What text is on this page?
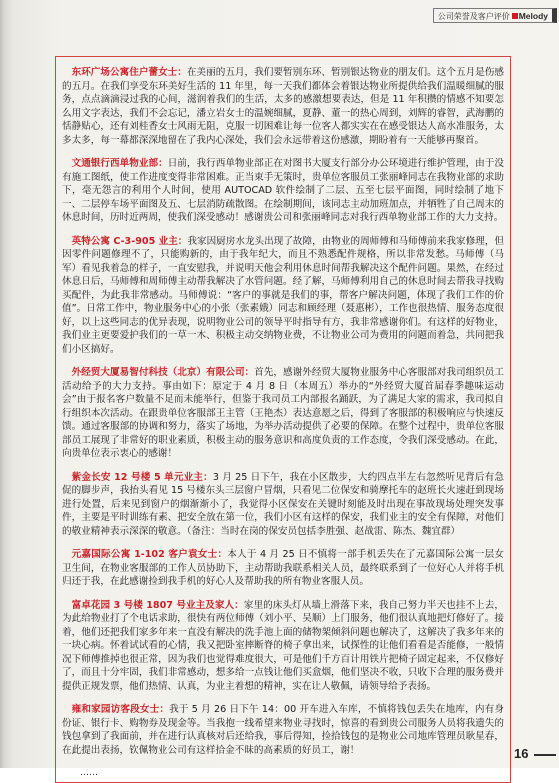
公司荣誉及客户评价 Melody

东环广场公寓住户蕾女士：在美丽的五月，我们要暂别东环、暂别银达物业的朋友们。这个五月是伤感的五月。在我们享受东环美好生活的 11 年里，每一天我们都体会着银达物业所提供给我们温暖细腻的服务，点点滴滴浸过我的心间，滋润着我们的生活，太多的感激想要表达，但是 11 年积攒的情感不知要怎么用文字表达，我们不会忘记，潘立岩女士的温婉细腻，夏静、董一的热心周到，刘辉的睿智，武海鹏的恬静贴心，还有刘桂香女士风雨无阻，克服一切困难让每一位客人都实实在在感受银达人高水准服务，太多太多，每一幕都深深地留在了我内心深处，我们会永远带着这份感激，期盼着有一天能够再聚首。

文通银行西单物业部：日前，我行西单物业部正在对图书大厦支行部分办公环境进行维护管理，由于没有施工图纸，使工作进度变得非常困难。正当束手无策时，贵单位客服员工张丽峰同志在我物业部的求助下，毫无怨言的利用个人时间，使用 AUTOCAD 软件绘制了二层、五至七层平面图，同时绘制了地下一、二层停车场平面图及五、七层消防疏散图。在绘制期间，该同志主动加班加点，并牺牲了自己周末的休息时间，历时近两周，使我们深受感动！感谢贵公司和张丽峰同志对我行西单物业部工作的大力支持。

英特公寓 C-3-905 业主：我家因厨房水龙头出现了故障，由物业的周师傅和马师傅前来我家修理，但因零件问题修理不了，只能购新的，由于我年纪大，而且不熟悉配件规格，所以非常发愁。马师傅（马军）看见我着急的样子，一直安慰我，并说明天他会利用休息时间帮我解决这个配件问题。果然，在经过休息日后，马师傅和周师傅主动帮我解决了水管问题。经了解，马师傅利用自己的休息时间去帮我寻找购买配件，为此我非常感动。马师傅说：“客户的事就是我们的事，帮客户解决问题，体现了我们工作的价值”。日常工作中，物业服务中心的小张（张素娥）同志和顾经理（聂惠彬），工作也很热情、服务态度很好，以上这些同志的优异表现，说明物业公司的领导平时指导有方，我非常感谢你们。有这样的好物业，我们业主更要爱护我们的一草一木、积极主动交纳物业费，不让物业公司为费用的问题而着急，共同把我们小区搞好。

外经贸大厦易智付科技（北京）有限公司：首先，感谢外经贸大厦物业服务中心客服部对我司组织员工活动给予的大力支持。事由如下：原定于 4 月 8 日（本周五）举办的“外经贸大厦首届春季趣味运动会”由于报名客户数量不足而未能举行，但鉴于我司员工内部报名踊跃，为了满足大家的需求，我司拟自行组织本次活动。在跟贵单位客服部王主管（王艳杰）表达意愿之后，得到了客服部的积极响应与快速反馈。通过客服部的协调和努力，落实了场地，为举办活动提供了必要的保障。在整个过程中，贵单位客服部员工展现了非常好的职业素质，积极主动的服务意识和高度负责的工作态度，令我们深受感动。在此，向贵单位表示衷心的感谢！

紫金长安 12 号楼 5 单元业主：3 月 25 日下午，我在小区散步，大约四点半左右忽然听见背后有急促的脚步声，我抬头看见 15 号楼东头三层窗户冒烟，只看见二位保安和骑摩托车的赵班长火速赶到现场进行处置，后来见到窗户的烟渐渐小了，我觉得小区保安在关键时刻能及时出现在事故现场处理突发事件，主要是平时训练有素、把安全放在第一位，我们小区有这样的保安，我们业主的安全有保障，对他们的敬业精神表示深深的敬意。（备注：当时在岗的保安员包括李胜强、赵战雷、陈杰、魏宜群）

元嘉国际公寓 1-102 客户袁女士：本人于 4 月 25 日不慎将一部手机丢失在了元嘉国际公寓一层女卫生间，在物业客服部的工作人员协助下，主动帮助我联系相关人员，最终联系到了一位好心人并将手机归还于我，在此感谢捡到我手机的好心人及帮助我的所有物业客服人员。

富卓花园 3 号楼 1807 号业主及家人：家里的床头灯从墙上滑落下来，我自己努力半天也挂不上去，为此给物业打了个电话求助，很快有两位师傅（刘小平、吴顺）上门服务，他们很认真地把灯修好了。接着，他们还把我们家多年来一直没有解决的洗手池上面的储物架倾斜问题也解决了，这解决了我多年来的一块心病。怀着试试看的心情，我又把卧室摔断脊的椅子拿出来，试探性的让他们看看是否能修，一般情况下师傅推掉也很正常，因为我们也觉得难度很大，可是他们千方百计用铁片把椅子固定起来，不仅修好了，而且十分牢固，我们非常感动，想多给一点钱让他们买盒烟，他们坚决不收，只收下合理的服务费并提供正规发票，他们热情、认真，为业主着想的精神，实在让人敬佩，请领导给予表扬。

雍和家园访客段女士：我于 5 月 26 日下午 14：00 开车进入车库，不慎将钱包丢失在地库，内有身份证、银行卡、购物券及现金等。当我抱一线希望来物业寻找时，惊喜的看到贵公司服务人员将我遗失的钱包拿到了我面前，并在进行认真核对后还给我，事后得知，捡拾钱包的是物业公司地库管理员耿星春，在此提出表扬，钦佩物业公司有这样拾金不昧的高素质的好员工，谢！

……

16
